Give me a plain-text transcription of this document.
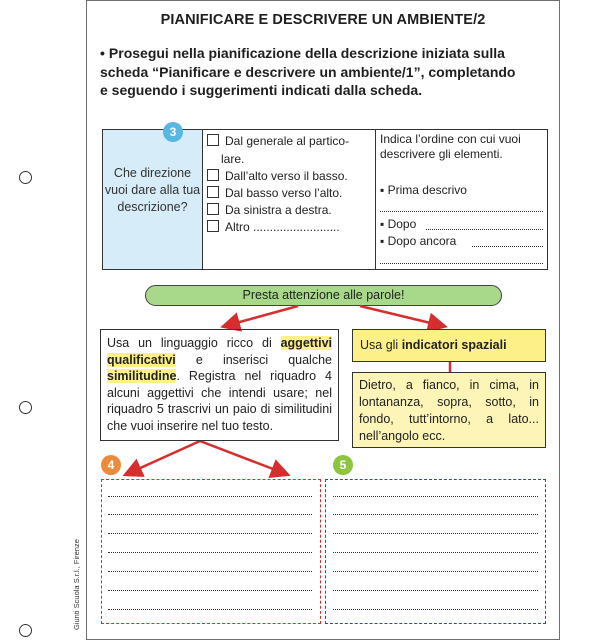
PIANIFICARE E DESCRIVERE UN AMBIENTE/2
• Prosegui nella pianificazione della descrizione iniziata sulla scheda “Pianificare e descrivere un ambiente/1”, completando e seguendo i suggerimenti indicati dalla scheda.
Che direzione vuoi dare alla tua descrizione?
3
Dal generale al partico-
lare.
Dall’alto verso il basso.
Dal basso verso l’alto.
Da sinistra a destra.
Altro ..........................
Indica l’ordine con cui vuoi descrivere gli elementi.
▪ Prima descrivo
▪ Dopo
▪ Dopo ancora
Presta attenzione alle parole!
Usa un linguaggio ricco di aggettivi qualificativi e inserisci qualche similitudine. Registra nel riquadro 4 alcuni aggettivi che intendi usare; nel riquadro 5 trascrivi un paio di similitudini che vuoi inserire nel tuo testo.
Usa gli indicatori spaziali
Dietro, a fianco, in cima, in lontananza, sopra, sotto, in fondo, tutt’intorno, a lato... nell’angolo ecc.
4	5
Giunti Scuola S.r.l., Firenze
